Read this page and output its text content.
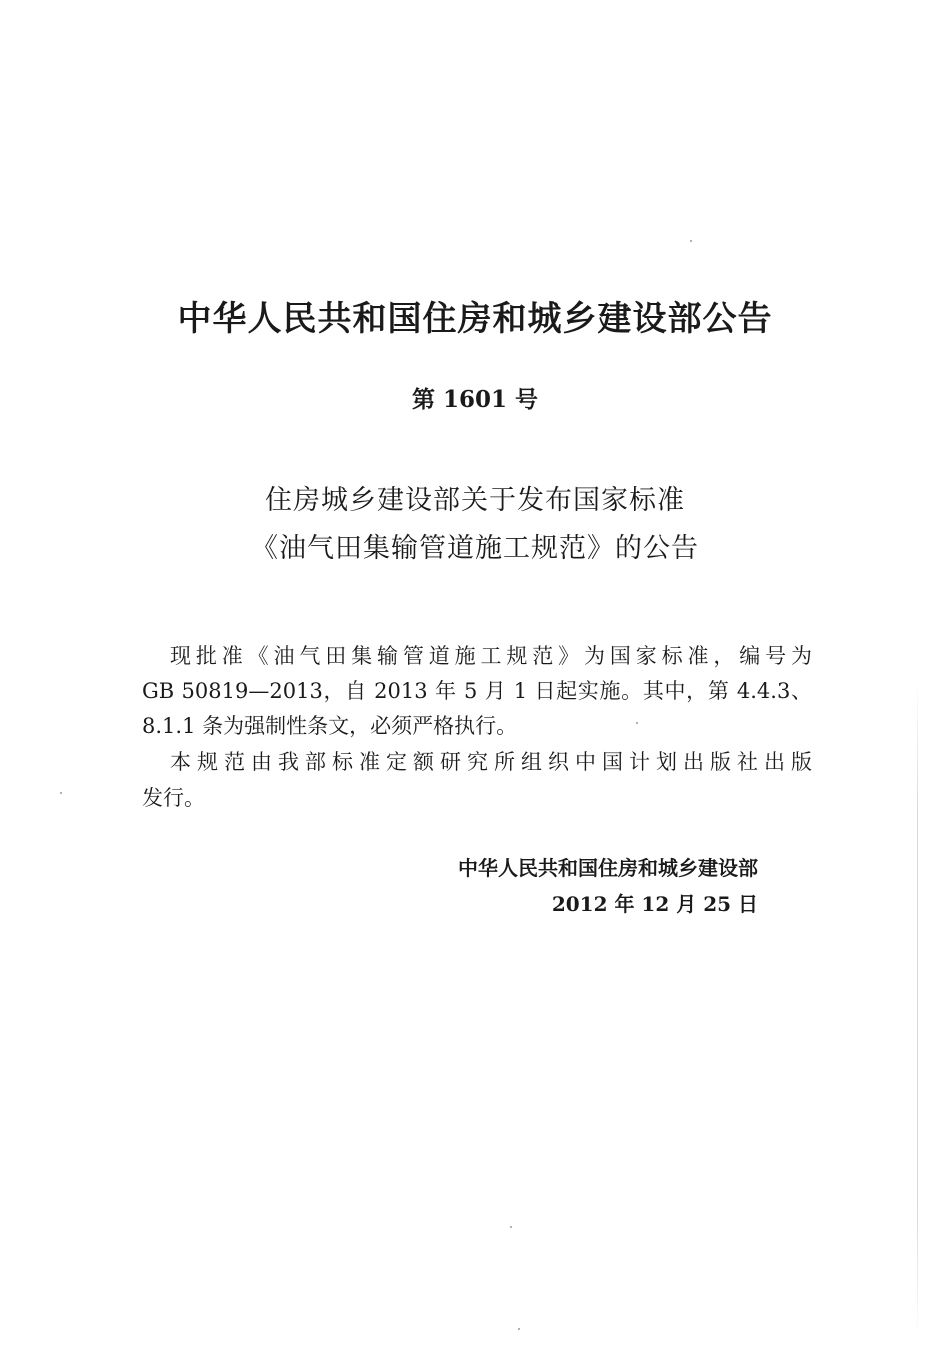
中华人民共和国住房和城乡建设部公告
第 1601 号
住房城乡建设部关于发布国家标准
《油气田集输管道施工规范》的公告
现批准《油气田集输管道施工规范》为国家标准，编号为
GB 50819—2013，自 2013 年 5 月 1 日起实施。其中，第 4.4.3、
8.1.1 条为强制性条文，必须严格执行。
本规范由我部标准定额研究所组织中国计划出版社出版
发行。
中华人民共和国住房和城乡建设部
2012 年 12 月 25 日
